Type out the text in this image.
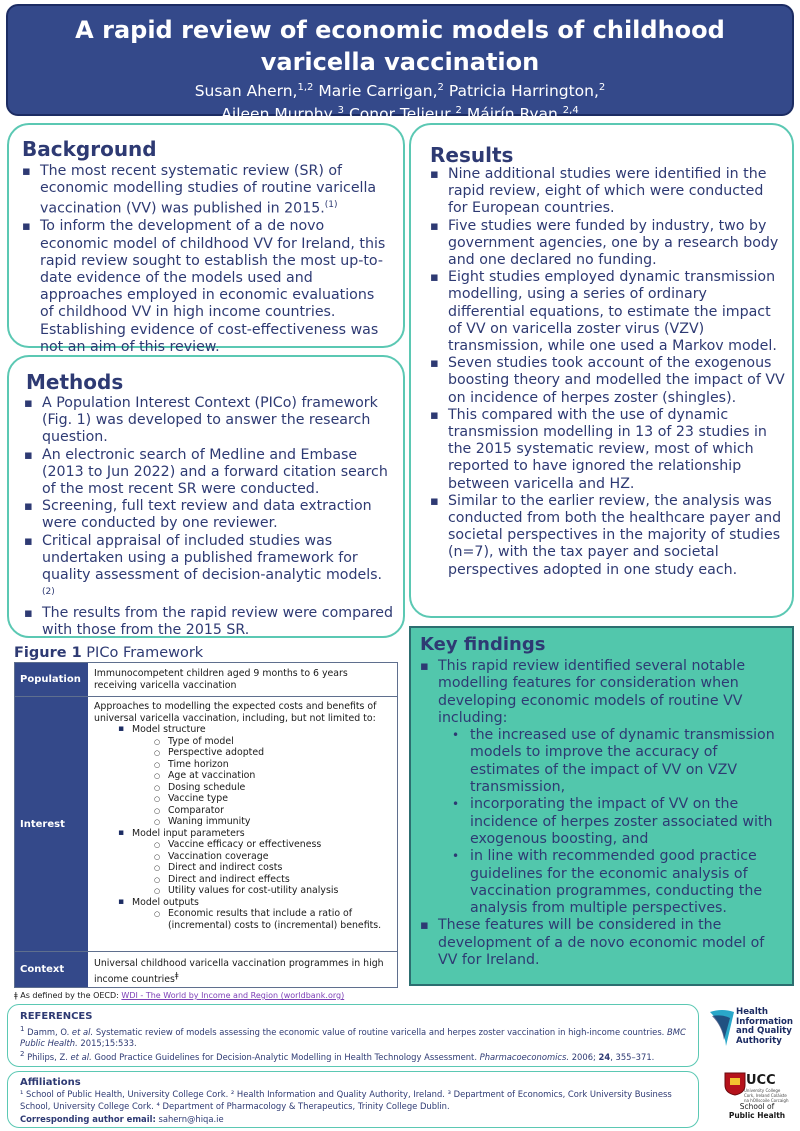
A rapid review of economic models of childhood varicella vaccination
Susan Ahern,$^{1,2}$ Marie Carrigan,$^2$ Patricia Harrington,$^2$
Aileen Murphy,$^3$ Conor Teljeur,$^2$ Máirín Ryan,$^{2,4}$
Background
▪ The most recent systematic review (SR) of economic modelling studies of routine varicella vaccination (VV) was published in 2015.$^{(1)}$
▪ To inform the development of a de novo economic model of childhood VV for Ireland, this rapid review sought to establish the most up-to-date evidence of the models used and approaches employed in economic evaluations of childhood VV in high income countries. Establishing evidence of cost-effectiveness was not an aim of this review.
Methods
▪ A Population Interest Context (PICo) framework (Fig. 1) was developed to answer the research question.
▪ An electronic search of Medline and Embase (2013 to Jun 2022) and a forward citation search of the most recent SR were conducted.
▪ Screening, full text review and data extraction were conducted by one reviewer.
▪ Critical appraisal of included studies was undertaken using a published framework for quality assessment of decision-analytic models.$^{(2)}$
▪ The results from the rapid review were compared with those from the 2015 SR.
Results
▪ Nine additional studies were identified in the rapid review, eight of which were conducted for European countries.
▪ Five studies were funded by industry, two by government agencies, one by a research body and one declared no funding.
▪ Eight studies employed dynamic transmission modelling, using a series of ordinary differential equations, to estimate the impact of VV on varicella zoster virus (VZV) transmission, while one used a Markov model.
▪ Seven studies took account of the exogenous boosting theory and modelled the impact of VV on incidence of herpes zoster (shingles).
▪ This compared with the use of dynamic transmission modelling in 13 of 23 studies in the 2015 systematic review, most of which reported to have ignored the relationship between varicella and HZ.
▪ Similar to the earlier review, the analysis was conducted from both the healthcare payer and societal perspectives in the majority of studies (n=7), with the tax payer and societal perspectives adopted in one study each.
Key findings
▪ This rapid review identified several notable modelling features for consideration when developing economic models of routine VV including:
• the increased use of dynamic transmission models to improve the accuracy of estimates of the impact of VV on VZV transmission,
• incorporating the impact of VV on the incidence of herpes zoster associated with exogenous boosting, and
• in line with recommended good practice guidelines for the economic analysis of vaccination programmes, conducting the analysis from multiple perspectives.
▪ These features will be considered in the development of a de novo economic model of VV for Ireland.
Figure 1 PICo Framework
Population
Immunocompetent children aged 9 months to 6 years receiving varicella vaccination
Interest
Approaches to modelling the expected costs and benefits of universal varicella vaccination, including, but not limited to:
▪ Model structure
○ Type of model
○ Perspective adopted
○ Time horizon
○ Age at vaccination
○ Dosing schedule
○ Vaccine type
○ Comparator
○ Waning immunity
▪ Model input parameters
○ Vaccine efficacy or effectiveness
○ Vaccination coverage
○ Direct and indirect costs
○ Direct and indirect effects
○ Utility values for cost-utility analysis
▪ Model outputs
○ Economic results that include a ratio of (incremental) costs to (incremental) benefits.
Context
Universal childhood varicella vaccination programmes in high income countries$^ǂ$
ǂ As defined by the OECD: WDI - The World by Income and Region (worldbank.org)
REFERENCES
$^1$ Damm, O. et al. Systematic review of models assessing the economic value of routine varicella and herpes zoster vaccination in high-income countries. BMC Public Health. 2015;15:533.
$^2$ Philips, Z. et al. Good Practice Guidelines for Decision-Analytic Modelling in Health Technology Assessment. Pharmacoeconomics. 2006; 24, 355–371.
Affiliations
¹ School of Public Health, University College Cork. ² Health Information and Quality Authority, Ireland. ³ Department of Economics, Cork University Business School, University College Cork. ⁴ Department of Pharmacology & Therapeutics, Trinity College Dublin.
Corresponding author email: sahern@hiqa.ie
Health
Information
and Quality
Authority
UCC
University College Cork, Ireland Coláiste na hOllscoile Corcaigh
School of
Public Health
